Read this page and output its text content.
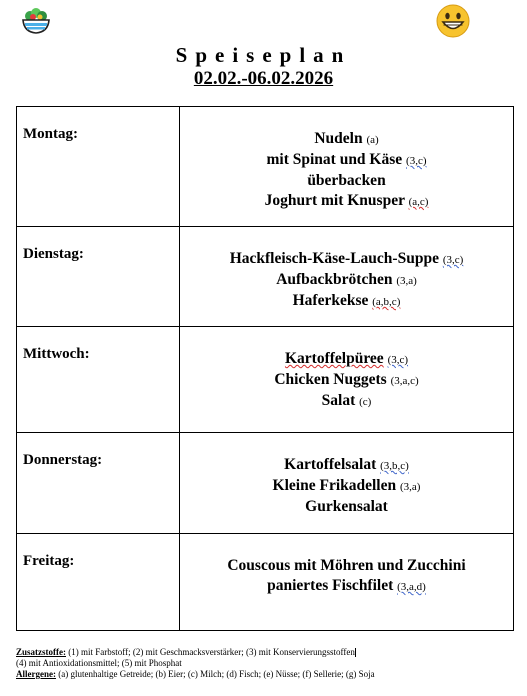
Speiseplan
02.02.-06.02.2026
Montag:	Nudeln (a)
mit Spinat und Käse (3,c)
überbacken
Joghurt mit Knusper (a,c)

Dienstag:	Hackfleisch-Käse-Lauch-Suppe (3,c)
Aufbackbrötchen (3,a)
Haferkekse (a,b,c)

Mittwoch:	Kartoffelpüree (3,c)
Chicken Nuggets (3,a,c)
Salat (c)

Donnerstag:	Kartoffelsalat (3,b,c)
Kleine Frikadellen (3,a)
Gurkensalat

Freitag:	Couscous mit Möhren und Zucchini
paniertes Fischfilet (3,a,d)
Zusatzstoffe: (1) mit Farbstoff; (2) mit Geschmacksverstärker; (3) mit Konservierungsstoffen
(4) mit Antioxidationsmittel; (5) mit Phosphat
Allergene: (a) glutenhaltige Getreide; (b) Eier; (c) Milch; (d) Fisch; (e) Nüsse; (f) Sellerie; (g) Soja
